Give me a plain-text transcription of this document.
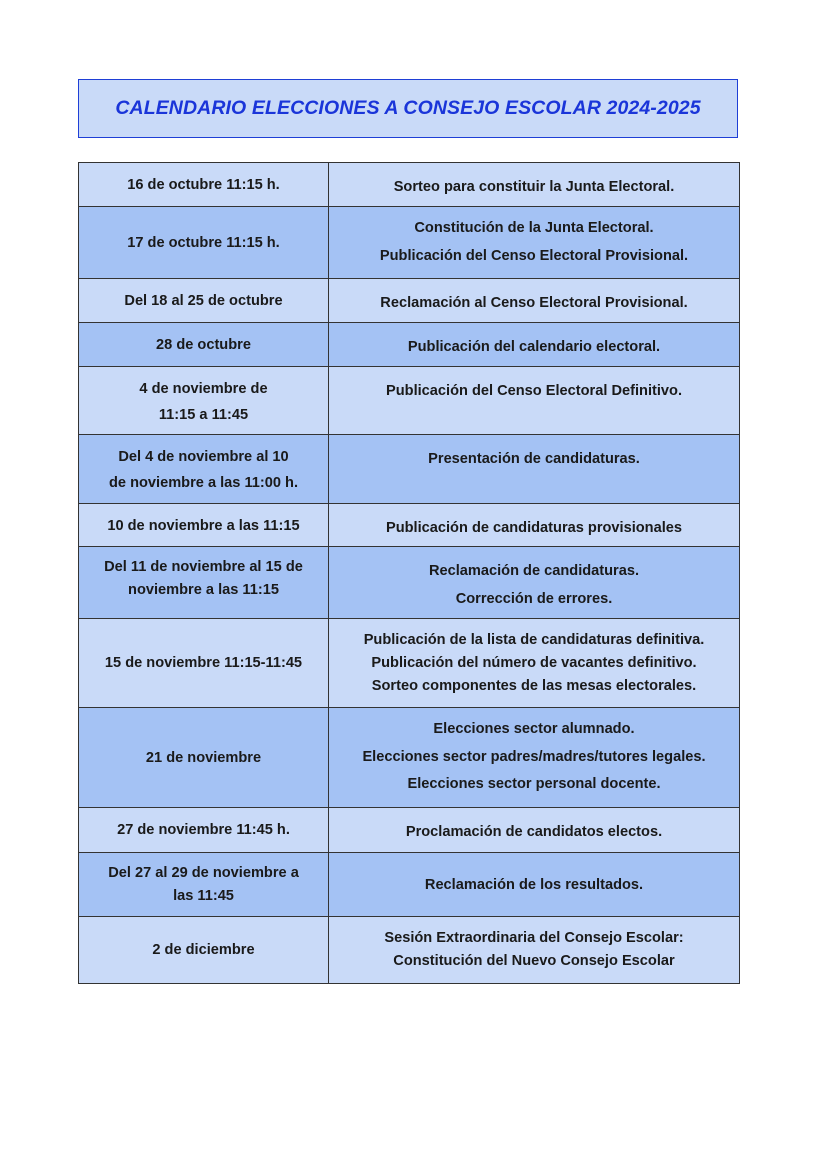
CALENDARIO ELECCIONES A CONSEJO ESCOLAR 2024-2025
16 de octubre 11:15 h.	Sorteo para constituir la Junta Electoral.

17 de octubre 11:15 h.	Constitución de la Junta Electoral.
Publicación del Censo Electoral Provisional.

Del 18 al 25 de octubre	Reclamación al Censo Electoral Provisional.

28 de octubre	Publicación del calendario electoral.

4 de noviembre de
11:15 a 11:45	Publicación del Censo Electoral Definitivo.

Del 4 de noviembre al 10
de noviembre a las 11:00 h.	Presentación de candidaturas.

10 de noviembre a las 11:15	Publicación de candidaturas provisionales

Del 11 de noviembre al 15 de
noviembre a las 11:15	Reclamación de candidaturas.
Corrección de errores.

15 de noviembre 11:15-11:45	Publicación de la lista de candidaturas definitiva.
Publicación del número de vacantes definitivo.
Sorteo componentes de las mesas electorales.

21 de noviembre	Elecciones sector alumnado.
Elecciones sector padres/madres/tutores legales.
Elecciones sector personal docente.

27 de noviembre 11:45 h.	Proclamación de candidatos electos.

Del 27 al 29 de noviembre a
las 11:45	Reclamación de los resultados.

2 de diciembre	Sesión Extraordinaria del Consejo Escolar:
Constitución del Nuevo Consejo Escolar
